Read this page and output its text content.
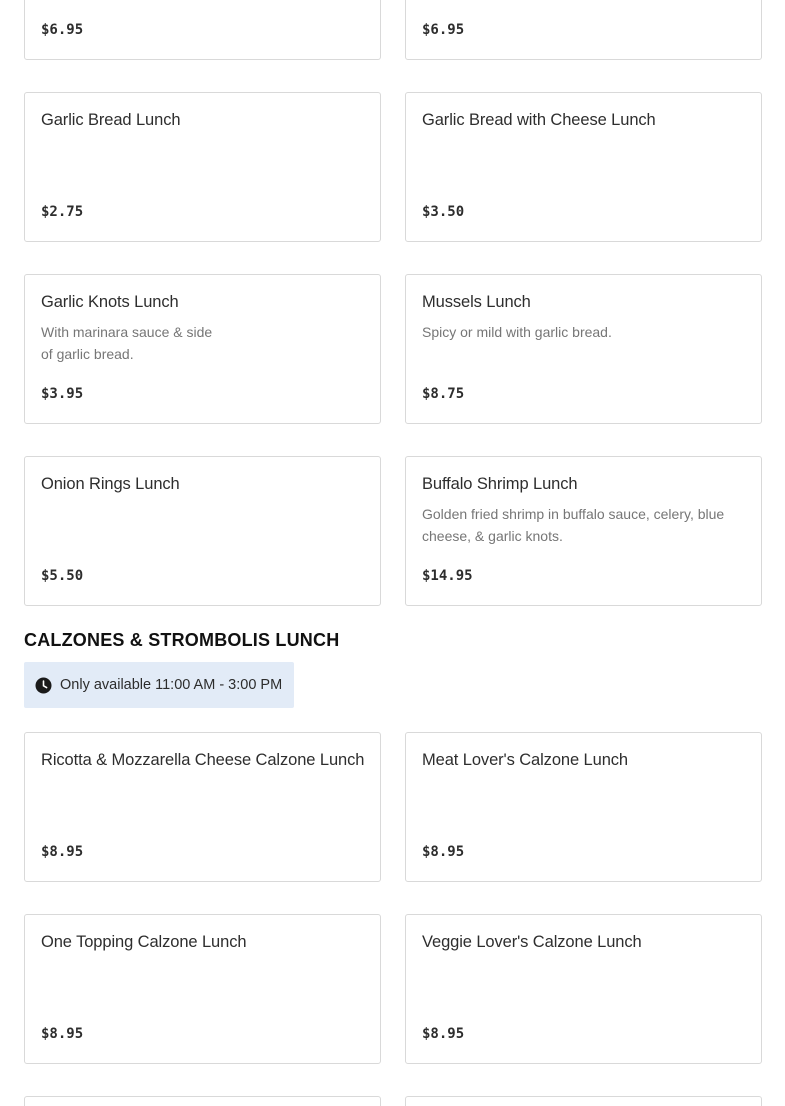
$6.95	$6.95
Garlic Bread Lunch
$2.75
Garlic Bread with Cheese Lunch
$3.50
Garlic Knots Lunch
With marinara sauce & side
of garlic bread.
$3.95
Mussels Lunch
Spicy or mild with garlic bread.
$8.75
Onion Rings Lunch
$5.50
Buffalo Shrimp Lunch
Golden fried shrimp in buffalo sauce, celery, blue
cheese, & garlic knots.
$14.95
CALZONES & STROMBOLIS LUNCH
Only available 11:00 AM - 3:00 PM
Ricotta & Mozzarella Cheese Calzone Lunch
$8.95
Meat Lover's Calzone Lunch
$8.95
One Topping Calzone Lunch
$8.95
Veggie Lover's Calzone Lunch
$8.95
